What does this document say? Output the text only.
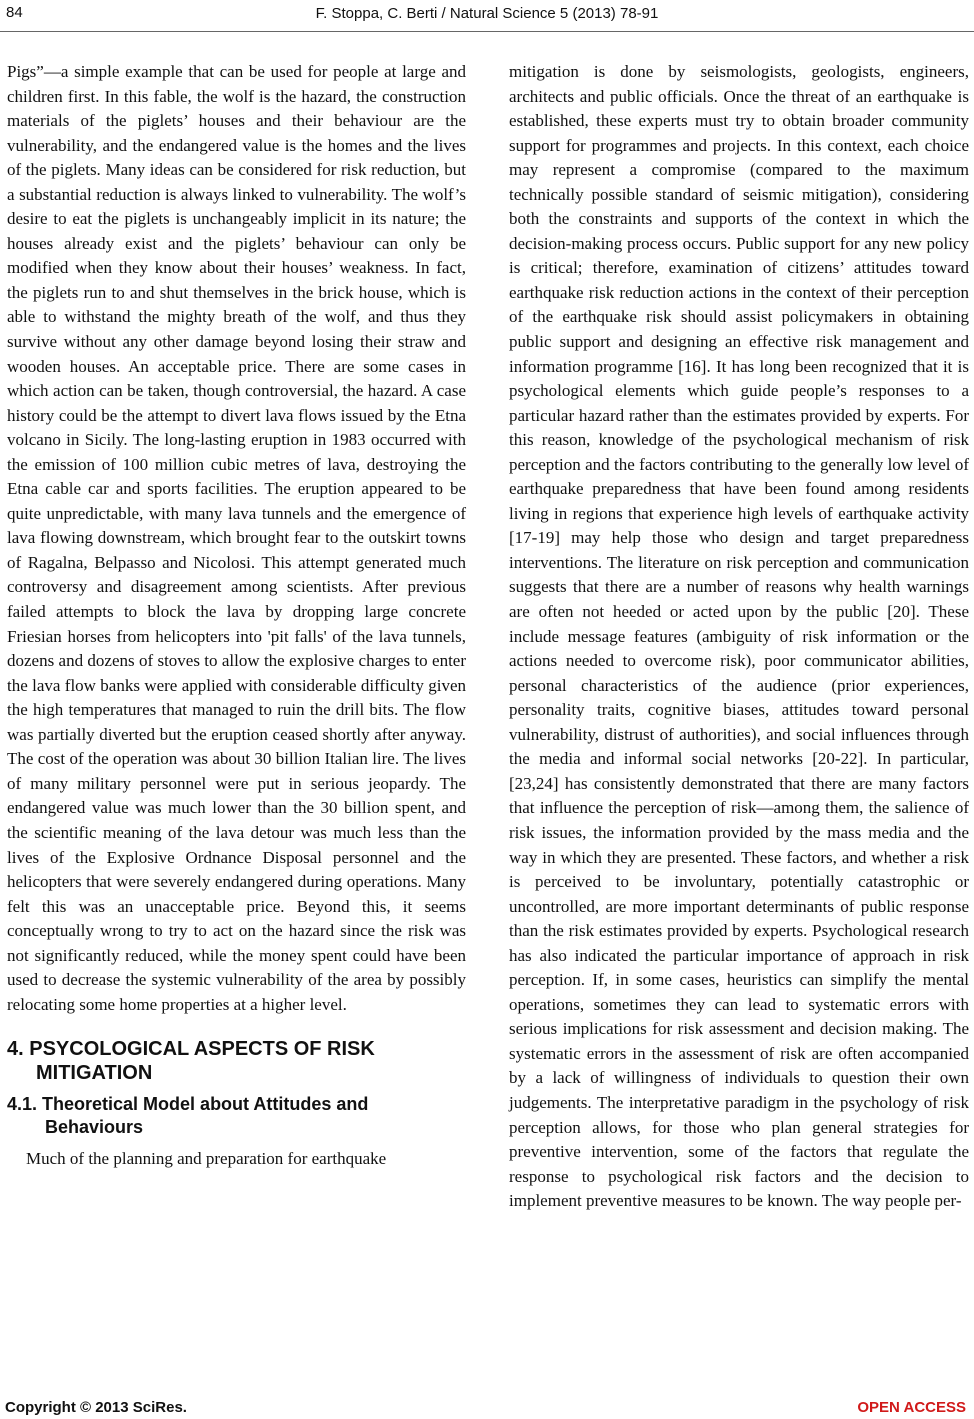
84	F. Stoppa, C. Berti / Natural Science 5 (2013) 78-91

Pigs”—a simple example that can be used for people at large and children first. In this fable, the wolf is the hazard, the construction materials of the piglets’ houses and their behaviour are the vulnerability, and the endangered value is the homes and the lives of the piglets. Many ideas can be considered for risk reduction, but a substantial reduction is always linked to vulnerability. The wolf’s desire to eat the piglets is unchangeably implicit in its nature; the houses already exist and the piglets’ behaviour can only be modified when they know about their houses’ weakness. In fact, the piglets run to and shut themselves in the brick house, which is able to withstand the mighty breath of the wolf, and thus they survive without any other damage beyond losing their straw and wooden houses. An acceptable price. There are some cases in which action can be taken, though controversial, the hazard. A case history could be the attempt to divert lava flows issued by the Etna volcano in Sicily. The long-lasting eruption in 1983 occurred with the emission of 100 million cubic metres of lava, destroying the Etna cable car and sports facilities. The eruption appeared to be quite unpredictable, with many lava tunnels and the emergence of lava flowing downstream, which brought fear to the outskirt towns of Ragalna, Belpasso and Nicolosi. This attempt generated much controversy and disagreement among scientists. After previous failed attempts to block the lava by dropping large concrete Friesian horses from helicopters into 'pit falls' of the lava tunnels, dozens and dozens of stoves to allow the explosive charges to enter the lava flow banks were applied with considerable difficulty given the high temperatures that managed to ruin the drill bits. The flow was partially diverted but the eruption ceased shortly after anyway. The cost of the operation was about 30 billion Italian lire. The lives of many military personnel were put in serious jeopardy. The endangered value was much lower than the 30 billion spent, and the scientific meaning of the lava detour was much less than the lives of the Explosive Ordnance Disposal personnel and the helicopters that were severely endangered during operations. Many felt this was an unacceptable price. Beyond this, it seems conceptually wrong to try to act on the hazard since the risk was not significantly reduced, while the money spent could have been used to decrease the systemic vulnerability of the area by possibly relocating some home properties at a higher level.

4. PSYCOLOGICAL ASPECTS OF RISK MITIGATION
4.1. Theoretical Model about Attitudes and Behaviours

Much of the planning and preparation for earthquake

mitigation is done by seismologists, geologists, engineers, architects and public officials. Once the threat of an earthquake is established, these experts must try to obtain broader community support for programmes and projects. In this context, each choice may represent a compromise (compared to the maximum technically possible standard of seismic mitigation), considering both the constraints and supports of the context in which the decision-making process occurs. Public support for any new policy is critical; therefore, examination of citizens’ attitudes toward earthquake risk reduction actions in the context of their perception of the earthquake risk should assist policymakers in obtaining public support and designing an effective risk management and information programme [16]. It has long been recognized that it is psychological elements which guide people’s responses to a particular hazard rather than the estimates provided by experts. For this reason, knowledge of the psychological mechanism of risk perception and the factors contributing to the generally low level of earthquake preparedness that have been found among residents living in regions that experience high levels of earthquake activity [17-19] may help those who design and target preparedness interventions. The literature on risk perception and communication suggests that there are a number of reasons why health warnings are often not heeded or acted upon by the public [20]. These include message features (ambiguity of risk information or the actions needed to overcome risk), poor communicator abilities, personal characteristics of the audience (prior experiences, personality traits, cognitive biases, attitudes toward personal vulnerability, distrust of authorities), and social influences through the media and informal social networks [20-22]. In particular, [23,24] has consistently demonstrated that there are many factors that influence the perception of risk—among them, the salience of risk issues, the information provided by the mass media and the way in which they are presented. These factors, and whether a risk is perceived to be involuntary, potentially catastrophic or uncontrolled, are more important determinants of public response than the risk estimates provided by experts. Psychological research has also indicated the particular importance of approach in risk perception. If, in some cases, heuristics can simplify the mental operations, sometimes they can lead to systematic errors with serious implications for risk assessment and decision making. The systematic errors in the assessment of risk are often accompanied by a lack of willingness of individuals to question their own judgements. The interpretative paradigm in the psychology of risk perception allows, for those who plan general strategies for preventive intervention, some of the factors that regulate the response to psychological risk factors and the decision to implement preventive measures to be known. The way people per-

Copyright © 2013 SciRes.	OPEN ACCESS
